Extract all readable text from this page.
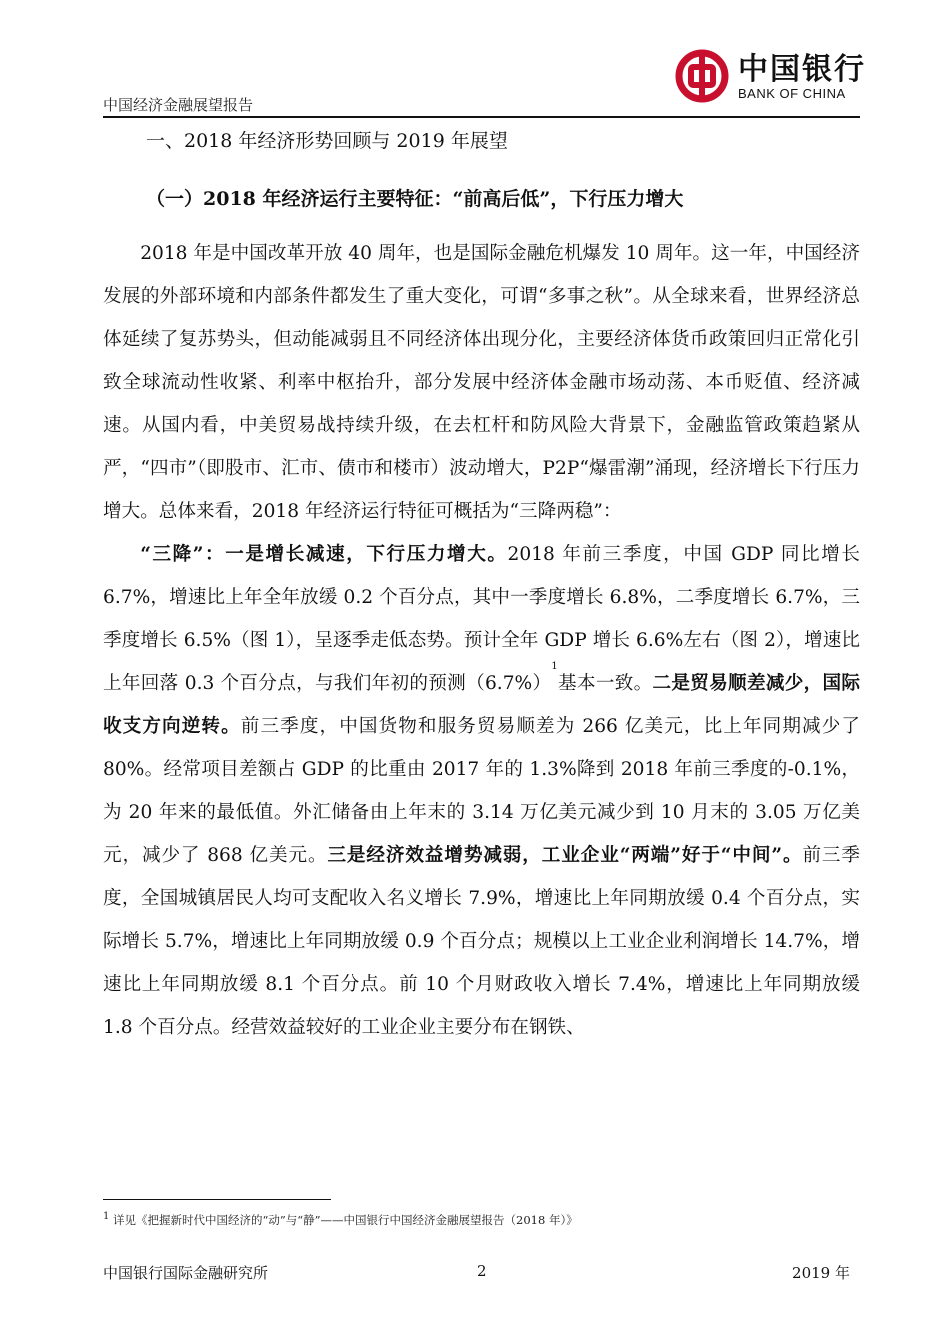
中国经济金融展望报告

中国银行
BANK OF CHINA
一、2018 年经济形势回顾与 2019 年展望
（一）2018 年经济运行主要特征：“前高后低”，下行压力增大

2018 年是中国改革开放 40 周年，也是国际金融危机爆发 10 周年。这一年，中国经济发展的外部环境和内部条件都发生了重大变化，可谓“多事之秋”。从全球来看，世界经济总体延续了复苏势头，但动能减弱且不同经济体出现分化，主要经济体货币政策回归正常化引致全球流动性收紧、利率中枢抬升，部分发展中经济体金融市场动荡、本币贬值、经济减速。从国内看，中美贸易战持续升级，在去杠杆和防风险大背景下，金融监管政策趋紧从严，“四市”（即股市、汇市、债市和楼市）波动增大，P2P“爆雷潮”涌现，经济增长下行压力增大。总体来看，2018 年经济运行特征可概括为“三降两稳”：

“三降”：一是增长减速，下行压力增大。2018 年前三季度，中国 GDP 同比增长 6.7%，增速比上年全年放缓 0.2 个百分点，其中一季度增长 6.8%，二季度增长 6.7%，三季度增长 6.5%（图 1），呈逐季走低态势。预计全年 GDP 增长 6.6%左右（图 2），增速比上年回落 0.3 个百分点，与我们年初的预测$(6.7\%)^1$基本一致。二是贸易顺差减少，国际收支方向逆转。前三季度，中国货物和服务贸易顺差为 266 亿美元，比上年同期减少了 80%。经常项目差额占 GDP 的比重由 2017 年的 1.3%降到 2018 年前三季度的-0.1%，为 20 年来的最低值。外汇储备由上年末的 3.14 万亿美元减少到 10 月末的 3.05 万亿美元，减少了 868 亿美元。三是经济效益增势减弱，工业企业“两端”好于“中间”。前三季度，全国城镇居民人均可支配收入名义增长 7.9%，增速比上年同期放缓 0.4 个百分点，实际增长 5.7%，增速比上年同期放缓 0.9 个百分点；规模以上工业企业利润增长 14.7%，增速比上年同期放缓 8.1 个百分点。前 10 个月财政收入增长 7.4%，增速比上年同期放缓 1.8 个百分点。经营效益较好的工业企业主要分布在钢铁、

$^1$ 详见《把握新时代中国经济的“动”与“静”——中国银行中国经济金融展望报告（2018 年）》

中国银行国际金融研究所	2	2019 年
